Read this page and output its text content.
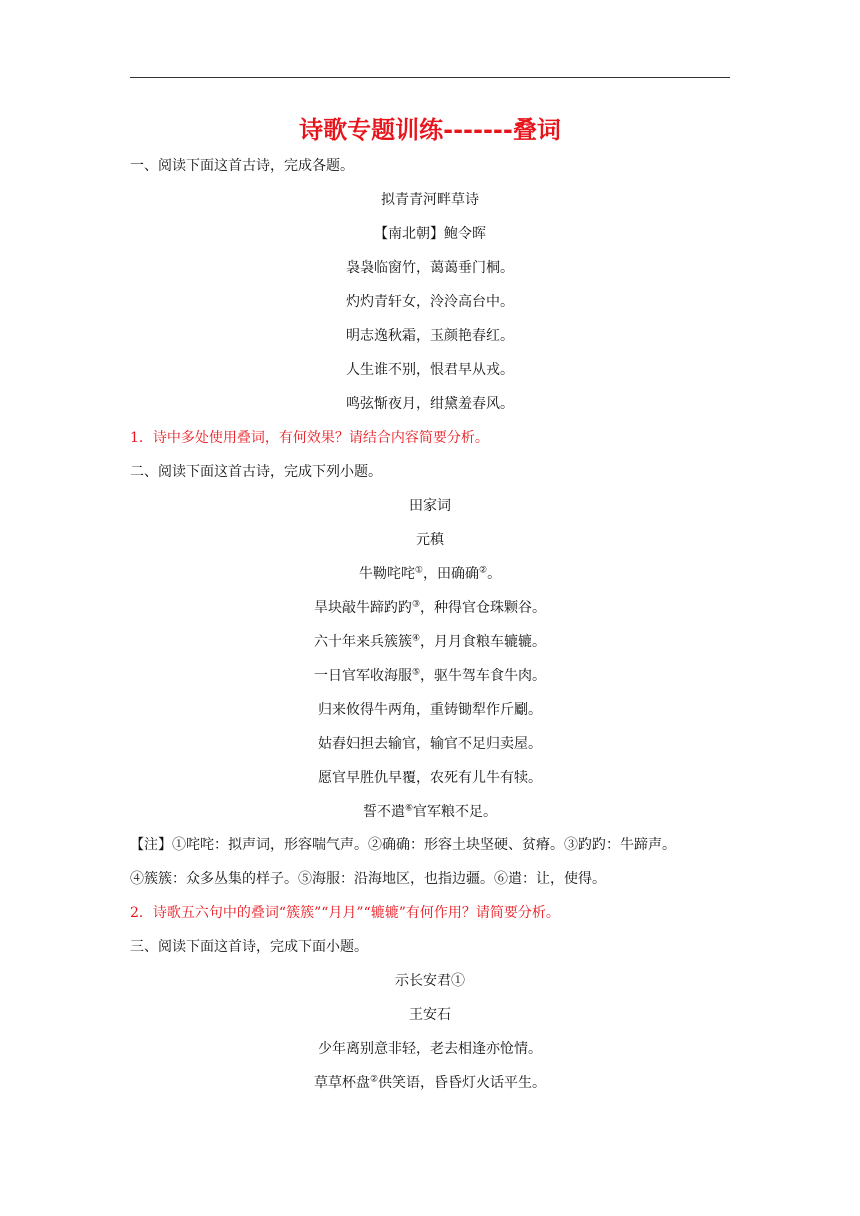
诗歌专题训练-------叠词
一、阅读下面这首古诗，完成各题。
拟青青河畔草诗
【南北朝】鲍令晖
袅袅临窗竹，蔼蔼垂门桐。
灼灼青轩女，泠泠高台中。
明志逸秋霜，玉颜艳春红。
人生谁不别，恨君早从戎。
鸣弦惭夜月，绀黛羞春风。
1．诗中多处使用叠词，有何效果？请结合内容简要分析。
二、阅读下面这首古诗，完成下列小题。
田家词
元稹
牛靿咤咤①，田确确②。
旱块敲牛蹄趵趵③，种得官仓珠颗谷。
六十年来兵簇簇④，月月食粮车辘辘。
一日官军收海服⑤，驱牛驾车食牛肉。
归来攸得牛两角，重铸锄犁作斤劚。
姑舂妇担去输官，输官不足归卖屋。
愿官早胜仇早覆，农死有儿牛有犊。
誓不遣⑥官军粮不足。
【注】①咤咤：拟声词，形容喘气声。②确确：形容土块坚硬、贫瘠。③趵趵：牛蹄声。
④簇簇：众多丛集的样子。⑤海服：沿海地区，也指边疆。⑥遣：让，使得。
2．诗歌五六句中的叠词“簇簇”“月月”“辘辘”有何作用？请简要分析。
三、阅读下面这首诗，完成下面小题。
示长安君①
王安石
少年离别意非轻，老去相逢亦怆情。
草草杯盘②供笑语，昏昏灯火话平生。
